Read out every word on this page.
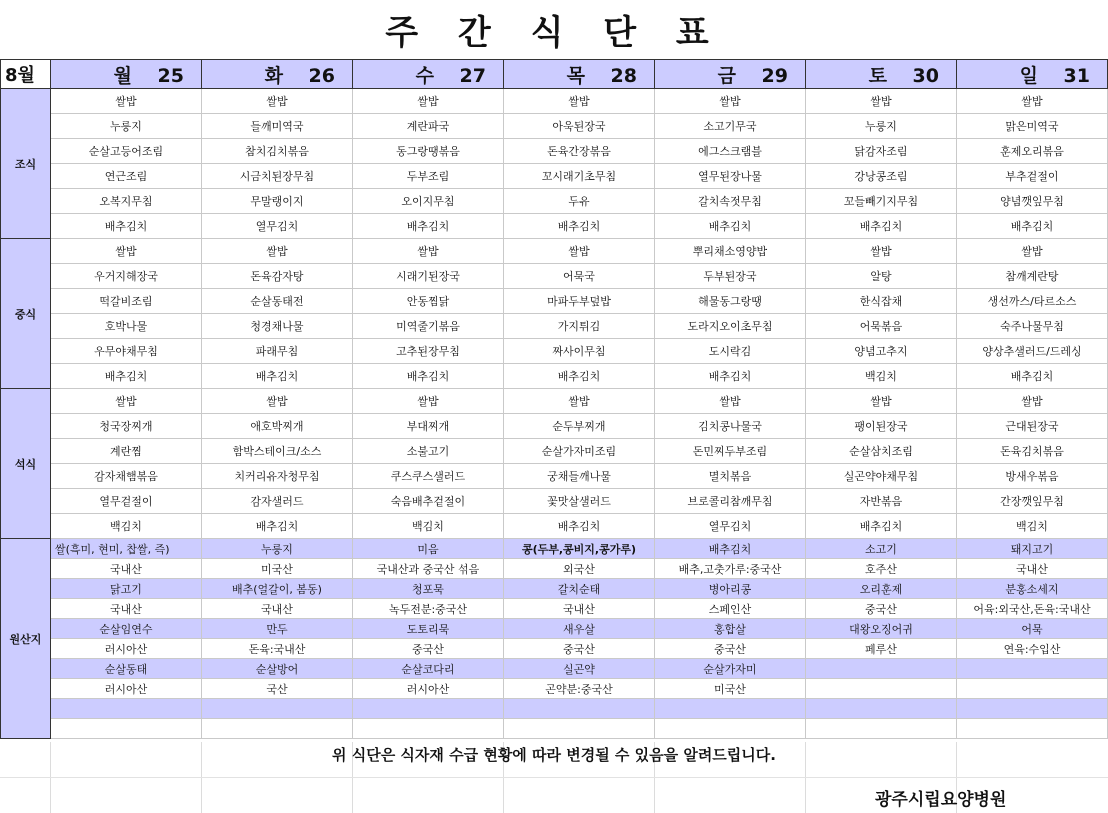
주 간 식 단 표
8월	월 25	화 26	수 27	목 28	금 29	토 30	일 31
조식	쌀밥	쌀밥	쌀밥	쌀밥	쌀밥	쌀밥	쌀밥
	누룽지	들깨미역국	계란파국	아욱된장국	소고기무국	누룽지	맑은미역국
	순살고등어조림	참치김치볶음	동그랑땡볶음	돈육간장볶음	에그스크램블	닭감자조림	훈제오리볶음
	연근조림	시금치된장무침	두부조림	꼬시래기초무침	열무된장나물	강낭콩조림	부추겉절이
	오복지무침	무말랭이지	오이지무침	두유	갈치속젓무침	꼬들빼기지무침	양념깻잎무침
	배추김치	열무김치	배추김치	배추김치	배추김치	배추김치	배추김치
중식	쌀밥	쌀밥	쌀밥	쌀밥	뿌리채소영양밥	쌀밥	쌀밥
	우거지해장국	돈육감자탕	시래기된장국	어묵국	두부된장국	알탕	참깨계란탕
	떡갈비조림	순살동태전	안동찜닭	마파두부덮밥	해물동그랑땡	한식잡채	생선까스/타르소스
	호박나물	청경채나물	미역줄기볶음	가지튀김	도라지오이초무침	어묵볶음	숙주나물무침
	우무야채무침	파래무침	고추된장무침	짜사이무침	도시락김	양념고추지	양상추샐러드/드레싱
	배추김치	배추김치	배추김치	배추김치	배추김치	백김치	배추김치
석식	쌀밥	쌀밥	쌀밥	쌀밥	쌀밥	쌀밥	쌀밥
	청국장찌개	애호박찌개	부대찌개	순두부찌개	김치콩나물국	팽이된장국	근대된장국
	계란찜	함박스테이크/소스	소불고기	순살가자미조림	돈민찌두부조림	순살삼치조림	돈육김치볶음
	감자채햄볶음	치커리유자청무침	쿠스쿠스샐러드	궁채들깨나물	멸치볶음	실곤약야채무침	방새우볶음
	열무겉절이	감자샐러드	숙음배추겉절이	꽃맛살샐러드	브로콜리참깨무침	자반볶음	간장깻잎무침
	백김치	배추김치	백김치	배추김치	열무김치	배추김치	백김치
원산지	쌀(흑미, 현미, 찹쌀, 즉)	누룽지	미음	콩(두부,콩비지,콩가루)	배추김치	소고기	돼지고기
	국내산	미국산	국내산과 중국산 섞음	외국산	배추,고춧가루:중국산	호주산	국내산
	닭고기	배추(얼갈이, 봄동)	청포묵	갈치순태	병아리콩	오리훈제	분홍소세지
	국내산	국내산	녹두전분:중국산	국내산	스페인산	중국산	어육:외국산,돈육:국내산
	순살임연수	만두	도토리묵	새우살	홍합살	대왕오징어귀	어묵
	러시아산	돈육:국내산	중국산	중국산	중국산	페루산	연육:수입산
	순살동태	순살방어	순살코다리	실곤약	순살가자미		
	러시아산	국산	러시아산	곤약분:중국산	미국산		

위 식단은 식자재 수급 현황에 따라 변경될 수 있음을 알려드립니다.
광주시립요양병원
